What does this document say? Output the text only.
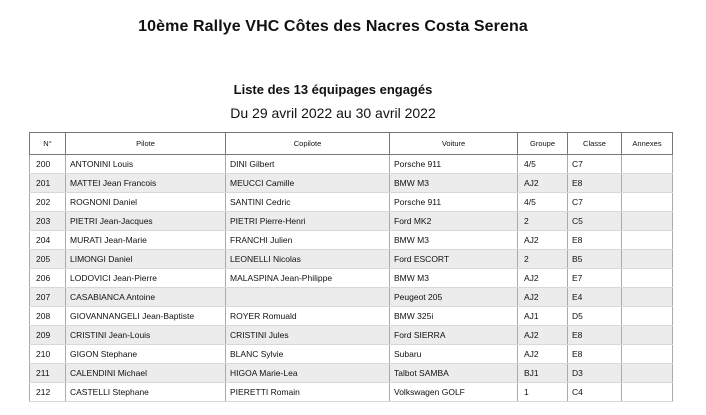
10ème Rallye VHC Côtes des Nacres Costa Serena
Liste des 13 équipages engagés
Du 29 avril 2022 au 30 avril 2022
N°	Pilote	Copilote	Voiture	Groupe	Classe	Annexes
200	ANTONINI Louis	DINI Gilbert	Porsche 911	4/5	C7	
201	MATTEI Jean Francois	MEUCCI Camille	BMW M3	AJ2	E8	
202	ROGNONI Daniel	SANTINI Cedric	Porsche 911	4/5	C7	
203	PIETRI Jean-Jacques	PIETRI Pierre-Henri	Ford MK2	2	C5	
204	MURATI Jean-Marie	FRANCHI Julien	BMW M3	AJ2	E8	
205	LIMONGI Daniel	LEONELLI Nicolas	Ford ESCORT	2	B5	
206	LODOVICI Jean-Pierre	MALASPINA Jean-Philippe	BMW M3	AJ2	E7	
207	CASABIANCA Antoine		Peugeot 205	AJ2	E4	
208	GIOVANNANGELI Jean-Baptiste	ROYER Romuald	BMW 325i	AJ1	D5	
209	CRISTINI Jean-Louis	CRISTINI Jules	Ford SIERRA	AJ2	E8	
210	GIGON Stephane	BLANC Sylvie	Subaru	AJ2	E8	
211	CALENDINI Michael	HIGOA Marie-Lea	Talbot SAMBA	BJ1	D3	
212	CASTELLI Stephane	PIERETTI Romain	Volkswagen GOLF	1	C4	
